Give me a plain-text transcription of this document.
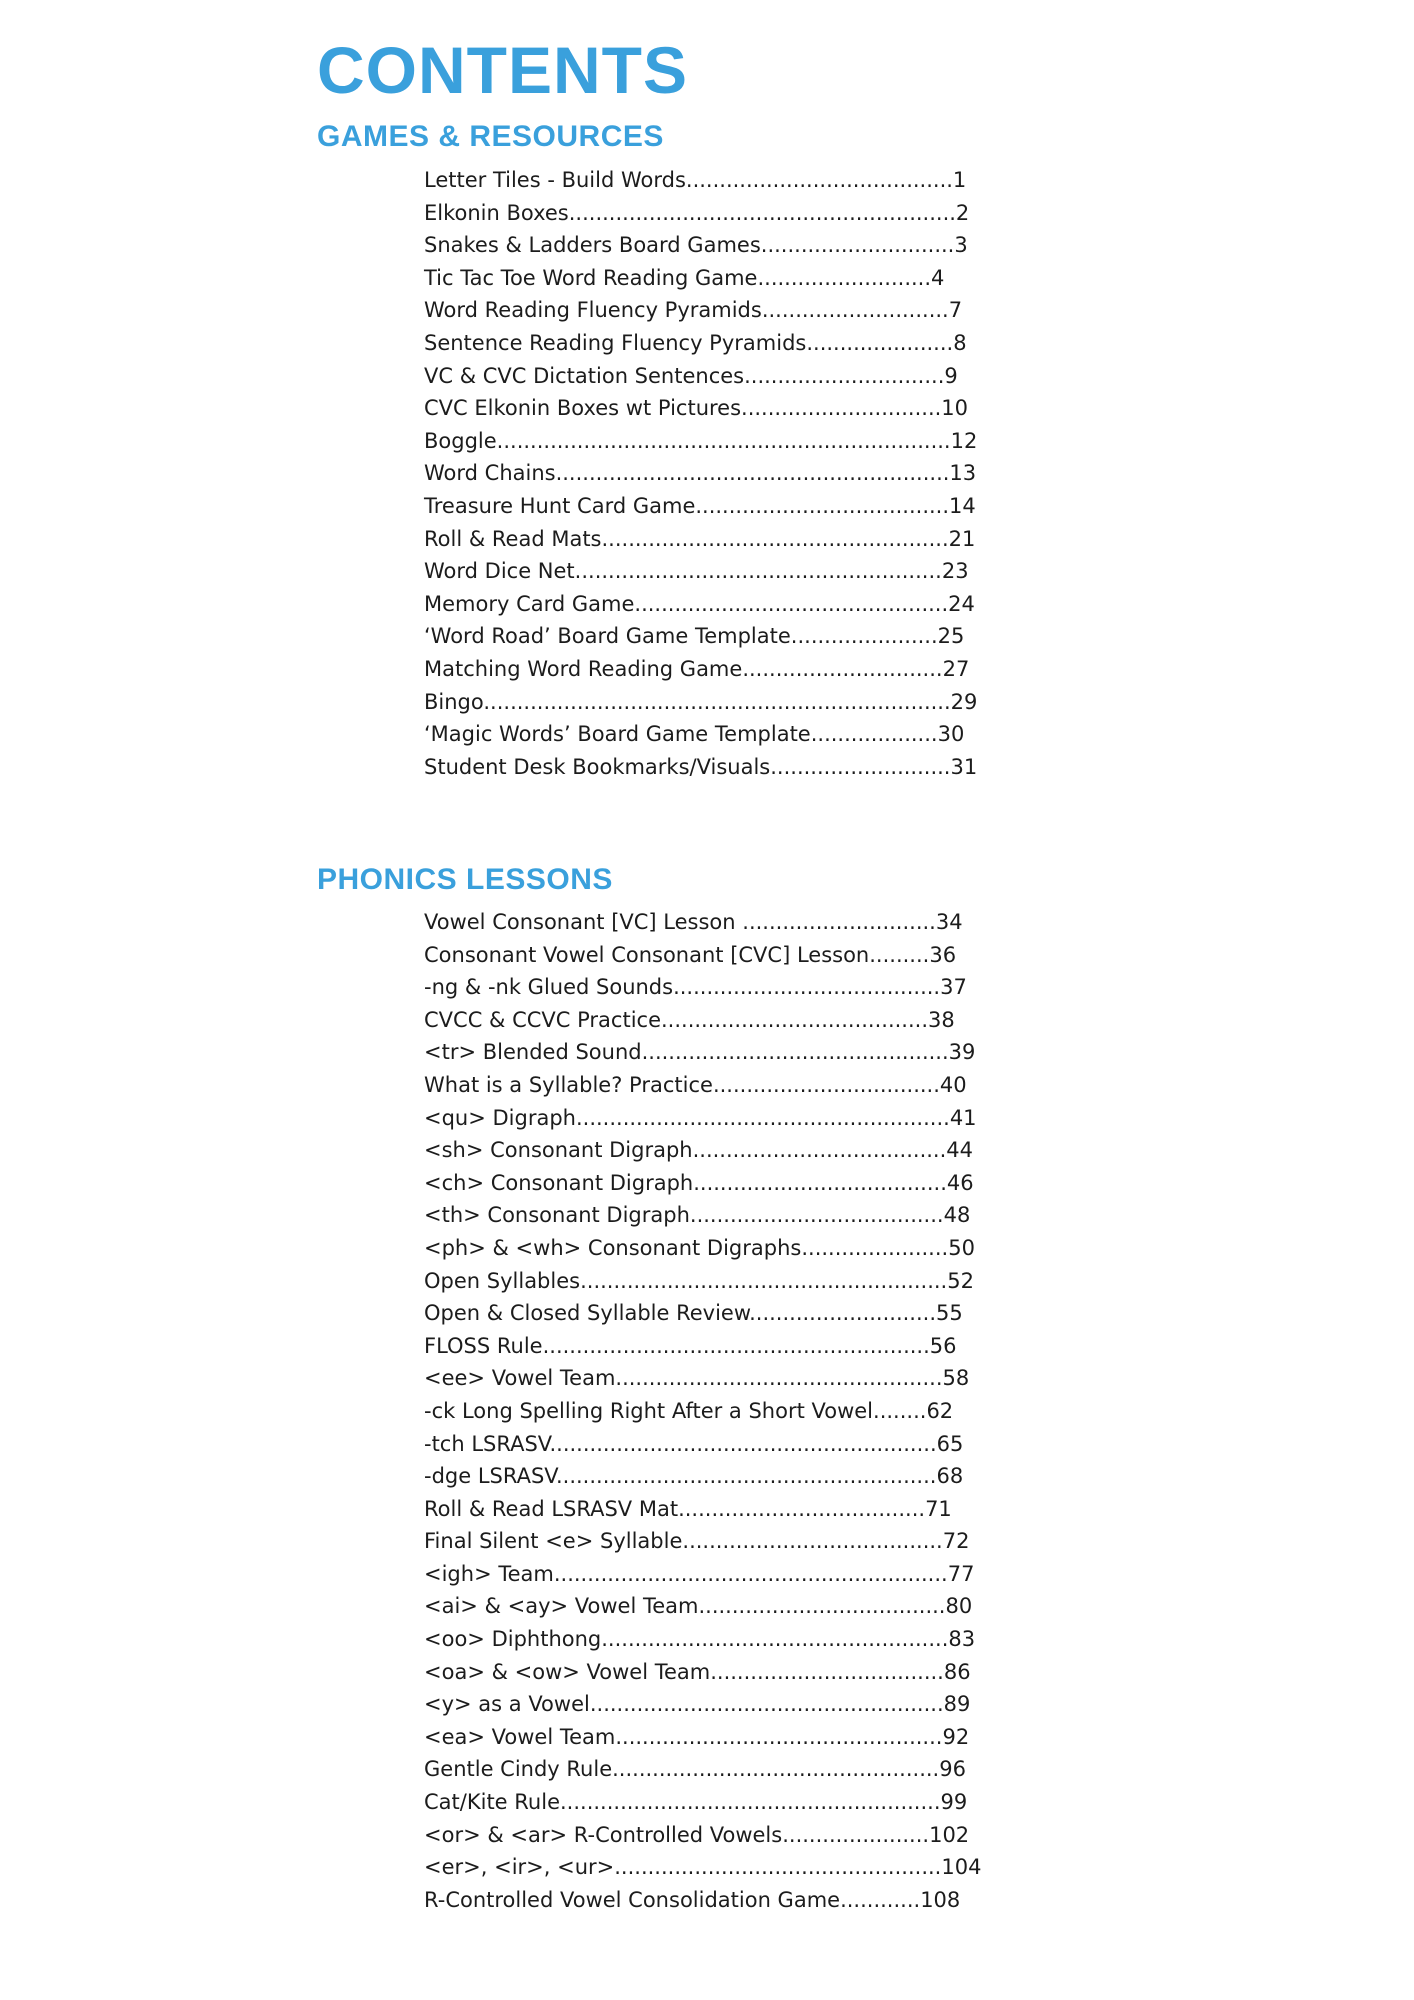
CONTENTS
GAMES & RESOURCES
Letter Tiles - Build Words........................................1
Elkonin Boxes..........................................................2
Snakes & Ladders Board Games.............................3
Tic Tac Toe Word Reading Game..........................4
Word Reading Fluency Pyramids............................7
Sentence Reading Fluency Pyramids......................8
VC & CVC Dictation Sentences..............................9
CVC Elkonin Boxes wt Pictures..............................10
Boggle....................................................................12
Word Chains...........................................................13
Treasure Hunt Card Game......................................14
Roll & Read Mats....................................................21
Word Dice Net.......................................................23
Memory Card Game...............................................24
‘Word Road’ Board Game Template......................25
Matching Word Reading Game..............................27
Bingo......................................................................29
‘Magic Words’ Board Game Template...................30
Student Desk Bookmarks/Visuals...........................31
PHONICS LESSONS
Vowel Consonant [VC] Lesson .............................34
Consonant Vowel Consonant [CVC] Lesson.........36
-ng & -nk Glued Sounds........................................37
CVCC & CCVC Practice........................................38
<tr> Blended Sound..............................................39
What is a Syllable? Practice..................................40
<qu> Digraph........................................................41
<sh> Consonant Digraph......................................44
<ch> Consonant Digraph......................................46
<th> Consonant Digraph......................................48
<ph> & <wh> Consonant Digraphs......................50
Open Syllables.......................................................52
Open & Closed Syllable Review............................55
FLOSS Rule..........................................................56
<ee> Vowel Team.................................................58
-ck Long Spelling Right After a Short Vowel........62
-tch LSRASV..........................................................65
-dge LSRASV.........................................................68
Roll & Read LSRASV Mat.....................................71
Final Silent <e> Syllable.......................................72
<igh> Team...........................................................77
<ai> & <ay> Vowel Team.....................................80
<oo> Diphthong....................................................83
<oa> & <ow> Vowel Team...................................86
<y> as a Vowel.....................................................89
<ea> Vowel Team.................................................92
Gentle Cindy Rule.................................................96
Cat/Kite Rule.........................................................99
<or> & <ar> R-Controlled Vowels......................102
<er>, <ir>, <ur>.................................................104
R-Controlled Vowel Consolidation Game............108
